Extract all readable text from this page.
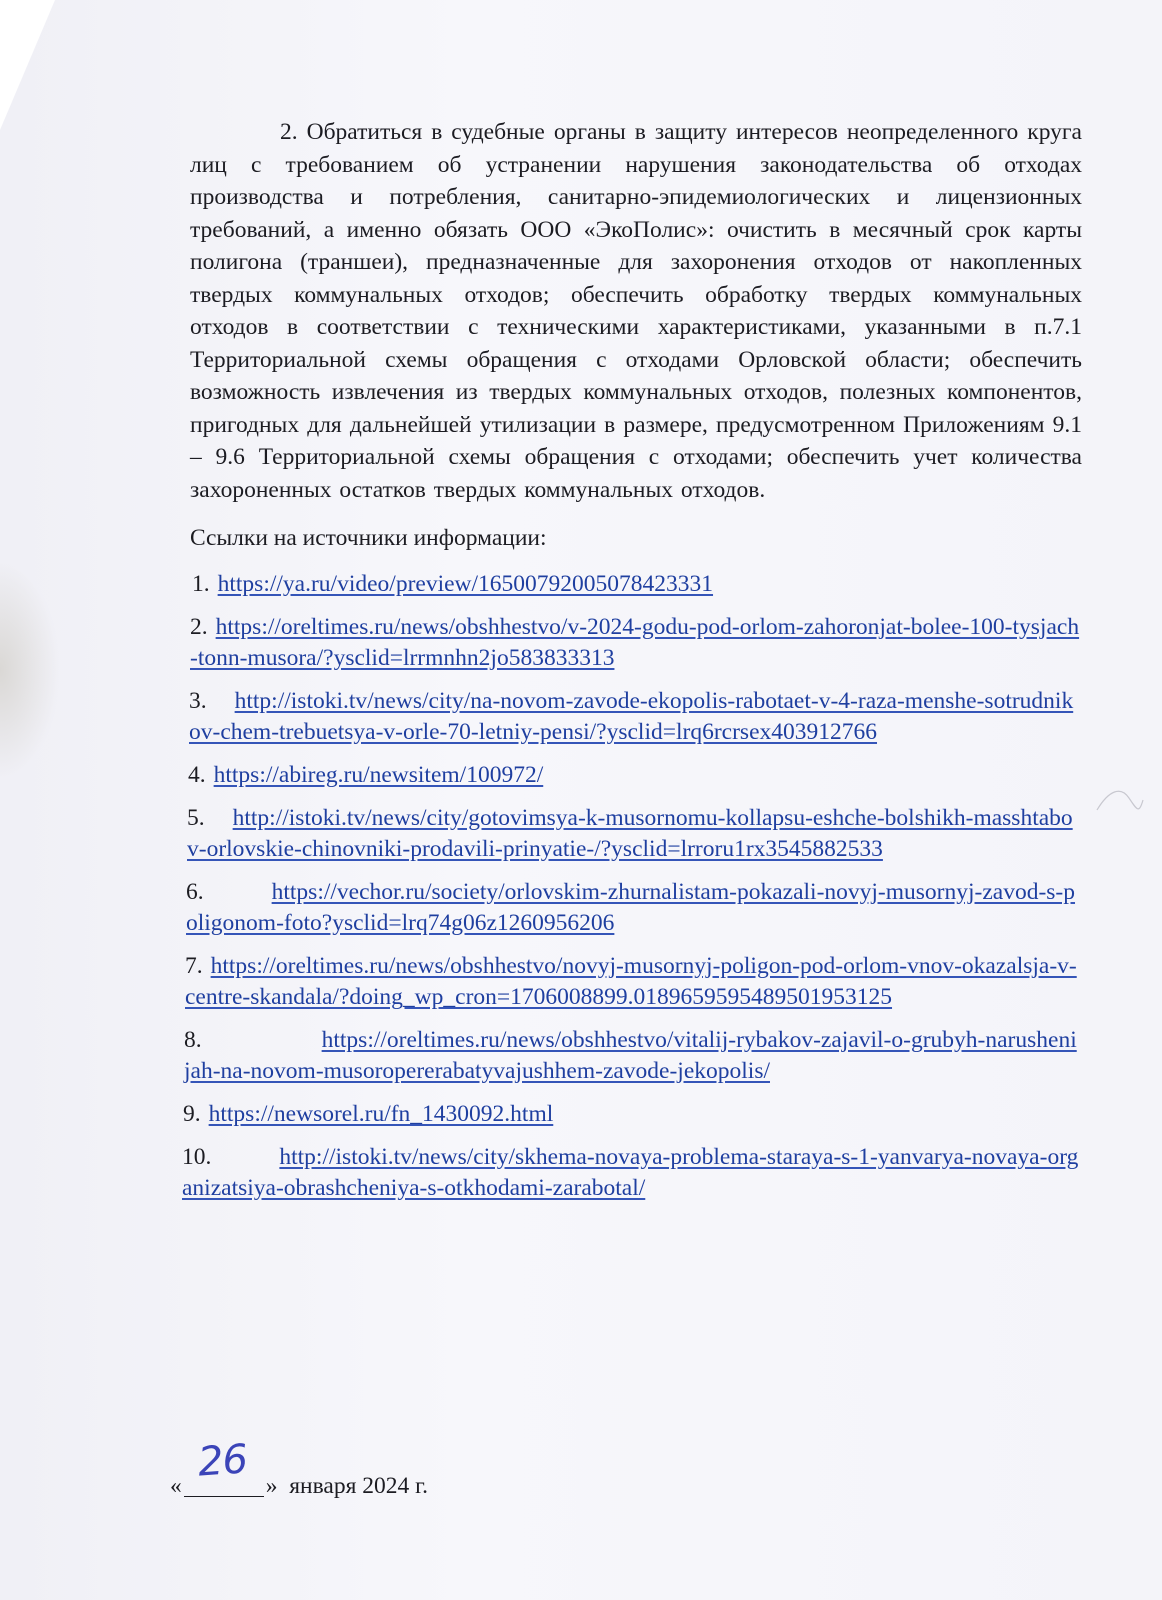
2. Обратиться в судебные органы в защиту интересов неопределенного круга лиц с требованием об устранении нарушения законодательства об отходах производства и потребления, санитарно-эпидемиологических и лицензионных требований, а именно обязать ООО «ЭкоПолис»: очистить в месячный срок карты полигона (траншеи), предназначенные для захоронения отходов от накопленных твердых коммунальных отходов; обеспечить обработку твердых коммунальных отходов в соответствии с техническими характеристиками, указанными в п.7.1 Территориальной схемы обращения с отходами Орловской области; обеспечить возможность извлечения из твердых коммунальных отходов, полезных компонентов, пригодных для дальнейшей утилизации в размере, предусмотренном Приложениям 9.1 – 9.6 Территориальной схемы обращения с отходами; обеспечить учет количества захороненных остатков твердых коммунальных отходов.

Ссылки на источники информации:

1. https://ya.ru/video/preview/16500792005078423331
2. https://oreltimes.ru/news/obshhestvo/v-2024-godu-pod-orlom-zahoronjat-bolee-100-tysjach-tonn-musora/?ysclid=lrrmnhn2jo583833313
3. http://istoki.tv/news/city/na-novom-zavode-ekopolis-rabotaet-v-4-raza-menshe-sotrudnikov-chem-trebuetsya-v-orle-70-letniy-pensi/?ysclid=lrq6rcrsex403912766
4. https://abireg.ru/newsitem/100972/
5. http://istoki.tv/news/city/gotovimsya-k-musornomu-kollapsu-eshche-bolshikh-masshtabov-orlovskie-chinovniki-prodavili-prinyatie-/?ysclid=lrroru1rx3545882533
6.	https://vechor.ru/society/orlovskim-zhurnalistam-pokazali-novyj-musornyj-zavod-s-poligonom-foto?ysclid=lrq74g06z1260956206
7. https://oreltimes.ru/news/obshhestvo/novyj-musornyj-poligon-pod-orlom-vnov-okazalsja-v-centre-skandala/?doing_wp_cron=1706008899.0189659595489501953125
8.	https://oreltimes.ru/news/obshhestvo/vitalij-rybakov-zajavil-o-grubyh-narushenijah-na-novom-musoropererabatyvajushhem-zavode-jekopolis/
9. https://newsorel.ru/fn_1430092.html
10.	http://istoki.tv/news/city/skhema-novaya-problema-staraya-s-1-yanvarya-novaya-organizatsiya-obrashcheniya-s-otkhodami-zarabotal/
«
26
» января 2024 г.
